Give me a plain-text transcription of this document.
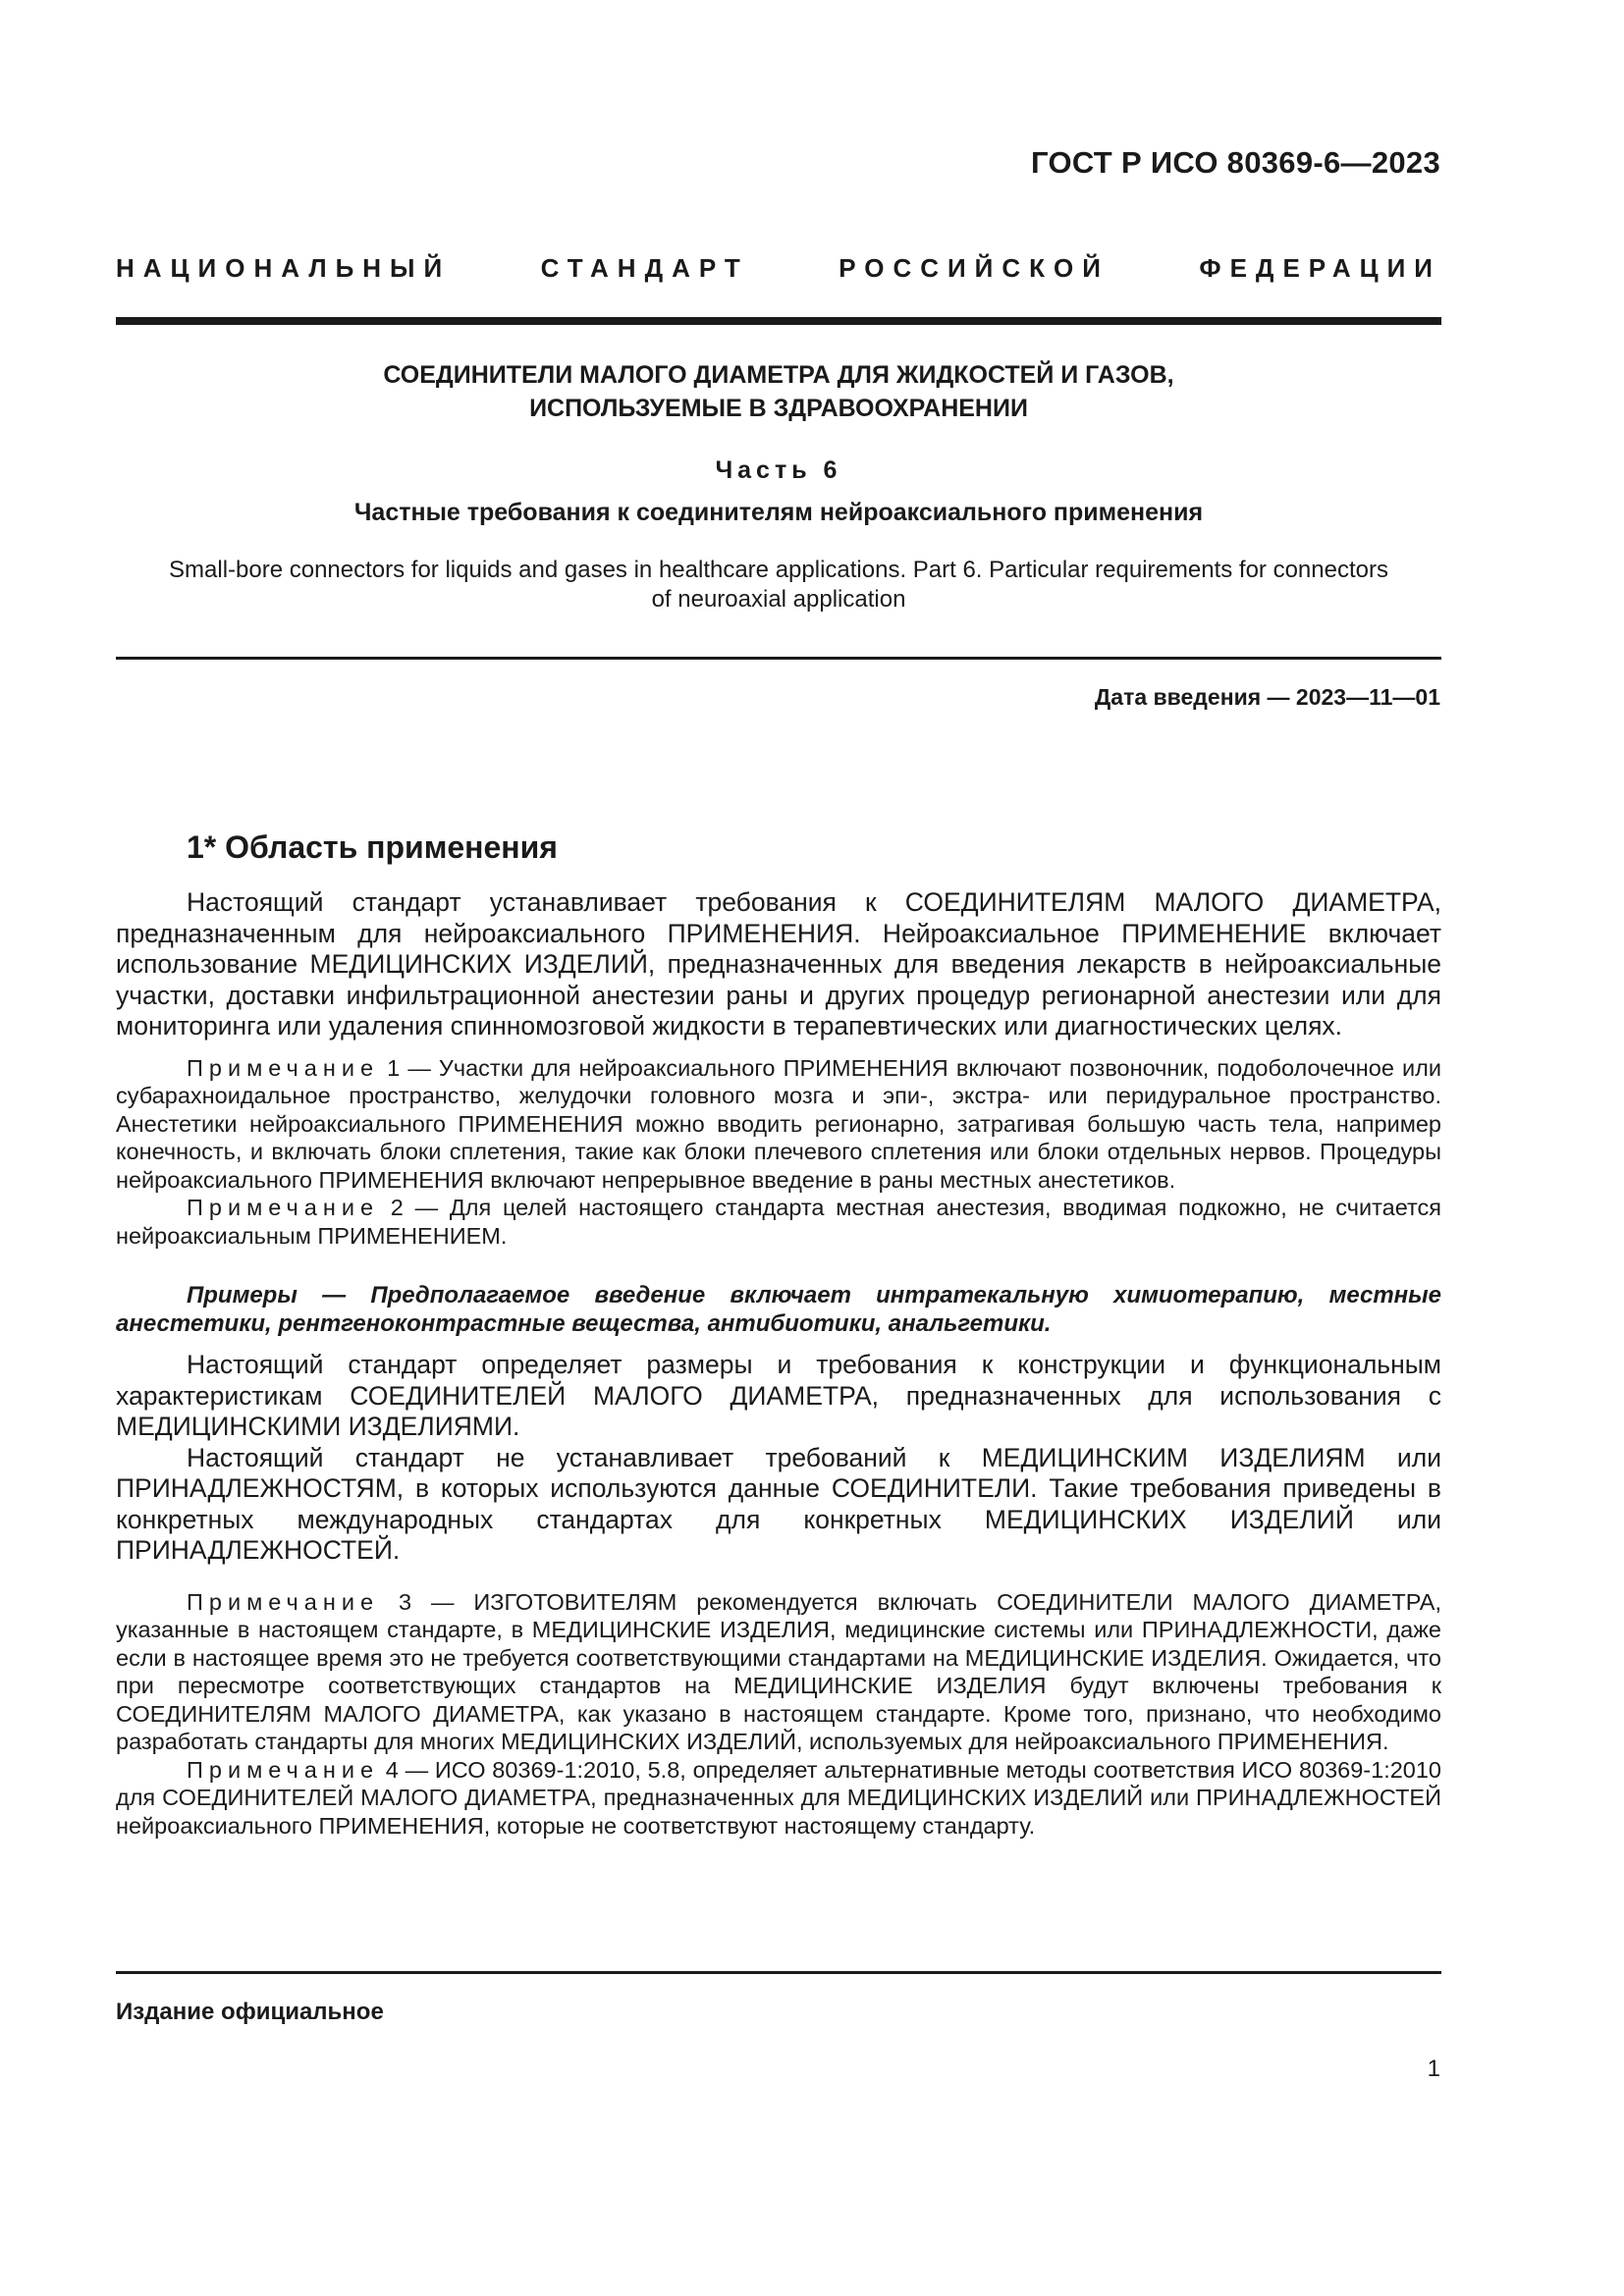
ГОСТ Р ИСО 80369-6—2023
НАЦИОНАЛЬНЫЙ СТАНДАРТ РОССИЙСКОЙ ФЕДЕРАЦИИ
СОЕДИНИТЕЛИ МАЛОГО ДИАМЕТРА ДЛЯ ЖИДКОСТЕЙ И ГАЗОВ,
ИСПОЛЬЗУЕМЫЕ В ЗДРАВООХРАНЕНИИ
Часть 6
Частные требования к соединителям нейроаксиального применения
Small-bore connectors for liquids and gases in healthcare applications. Part 6. Particular requirements for connectors
of neuroaxial application
Дата введения — 2023—11—01
1* Область применения

Настоящий стандарт устанавливает требования к СОЕДИНИТЕЛЯМ МАЛОГО ДИАМЕТРА, предназначенным для нейроаксиального ПРИМЕНЕНИЯ. Нейроаксиальное ПРИМЕНЕНИЕ включает использование МЕДИЦИНСКИХ ИЗДЕЛИЙ, предназначенных для введения лекарств в нейроаксиальные участки, доставки инфильтрационной анестезии раны и других процедур регионарной анестезии или для мониторинга или удаления спинномозговой жидкости в терапевтических или диагностических целях.

Примечание 1 — Участки для нейроаксиального ПРИМЕНЕНИЯ включают позвоночник, подоболочечное или субарахноидальное пространство, желудочки головного мозга и эпи-, экстра- или перидуральное пространство. Анестетики нейроаксиального ПРИМЕНЕНИЯ можно вводить регионарно, затрагивая большую часть тела, например конечность, и включать блоки сплетения, такие как блоки плечевого сплетения или блоки отдельных нервов. Процедуры нейроаксиального ПРИМЕНЕНИЯ включают непрерывное введение в раны местных анестетиков.

Примечание 2 — Для целей настоящего стандарта местная анестезия, вводимая подкожно, не считается нейроаксиальным ПРИМЕНЕНИЕМ.

Примеры — Предполагаемое введение включает интратекальную химиотерапию, местные анестетики, рентгеноконтрастные вещества, антибиотики, анальгетики.

Настоящий стандарт определяет размеры и требования к конструкции и функциональным характеристикам СОЕДИНИТЕЛЕЙ МАЛОГО ДИАМЕТРА, предназначенных для использования с МЕДИЦИНСКИМИ ИЗДЕЛИЯМИ.

Настоящий стандарт не устанавливает требований к МЕДИЦИНСКИМ ИЗДЕЛИЯМ или ПРИНАДЛЕЖНОСТЯМ, в которых используются данные СОЕДИНИТЕЛИ. Такие требования приведены в конкретных международных стандартах для конкретных МЕДИЦИНСКИХ ИЗДЕЛИЙ или ПРИНАДЛЕЖНОСТЕЙ.

Примечание 3 — ИЗГОТОВИТЕЛЯМ рекомендуется включать СОЕДИНИТЕЛИ МАЛОГО ДИАМЕТРА, указанные в настоящем стандарте, в МЕДИЦИНСКИЕ ИЗДЕЛИЯ, медицинские системы или ПРИНАДЛЕЖНОСТИ, даже если в настоящее время это не требуется соответствующими стандартами на МЕДИЦИНСКИЕ ИЗДЕЛИЯ. Ожидается, что при пересмотре соответствующих стандартов на МЕДИЦИНСКИЕ ИЗДЕЛИЯ будут включены требования к СОЕДИНИТЕЛЯМ МАЛОГО ДИАМЕТРА, как указано в настоящем стандарте. Кроме того, признано, что необходимо разработать стандарты для многих МЕДИЦИНСКИХ ИЗДЕЛИЙ, используемых для нейроаксиального ПРИМЕНЕНИЯ.

Примечание 4 — ИСО 80369-1:2010, 5.8, определяет альтернативные методы соответствия ИСО 80369-1:2010 для СОЕДИНИТЕЛЕЙ МАЛОГО ДИАМЕТРА, предназначенных для МЕДИЦИНСКИХ ИЗДЕЛИЙ или ПРИНАДЛЕЖНОСТЕЙ нейроаксиального ПРИМЕНЕНИЯ, которые не соответствуют настоящему стандарту.

Издание официальное
1
